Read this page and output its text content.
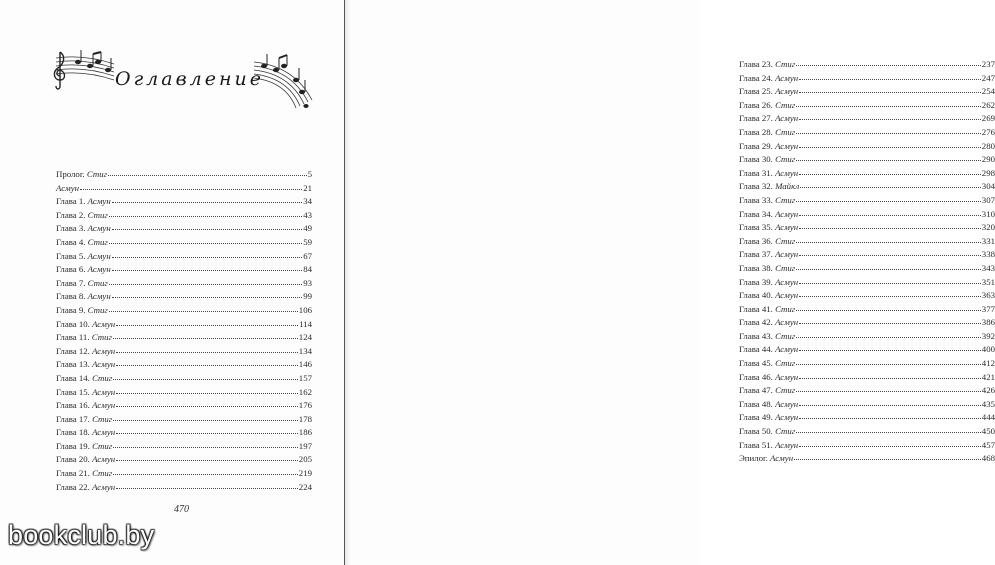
Оглавление
Пролог. Стиг	5
Асмун	21
Глава 1. Асмун	34
Глава 2. Стиг	43
Глава 3. Асмун	49
Глава 4. Стиг	59
Глава 5. Асмун	67
Глава 6. Асмун	84
Глава 7. Стиг	93
Глава 8. Асмун	99
Глава 9. Стиг	106
Глава 10. Асмун	114
Глава 11. Стиг	124
Глава 12. Асмун	134
Глава 13. Асмун	146
Глава 14. Стиг	157
Глава 15. Асмун	162
Глава 16. Асмун	176
Глава 17. Стиг	178
Глава 18. Асмун	186
Глава 19. Стиг	197
Глава 20. Асмун	205
Глава 21. Стиг	219
Глава 22. Асмун	224
470
Глава 23. Стиг	237
Глава 24. Асмун	247
Глава 25. Асмун	254
Глава 26. Стиг	262
Глава 27. Асмун	269
Глава 28. Стиг	276
Глава 29. Асмун	280
Глава 30. Стиг	290
Глава 31. Асмун	298
Глава 32. Майкл	304
Глава 33. Стиг	307
Глава 34. Асмун	310
Глава 35. Асмун	320
Глава 36. Стиг	331
Глава 37. Асмун	338
Глава 38. Стиг	343
Глава 39. Асмун	351
Глава 40. Асмун	363
Глава 41. Стиг	377
Глава 42. Асмун	386
Глава 43. Стиг	392
Глава 44. Асмун	400
Глава 45. Стиг	412
Глава 46. Асмун	421
Глава 47. Стиг	426
Глава 48. Асмун	435
Глава 49. Асмун	444
Глава 50. Стиг	450
Глава 51. Асмун	457
Эпилог. Асмун	468
bookclub.by
